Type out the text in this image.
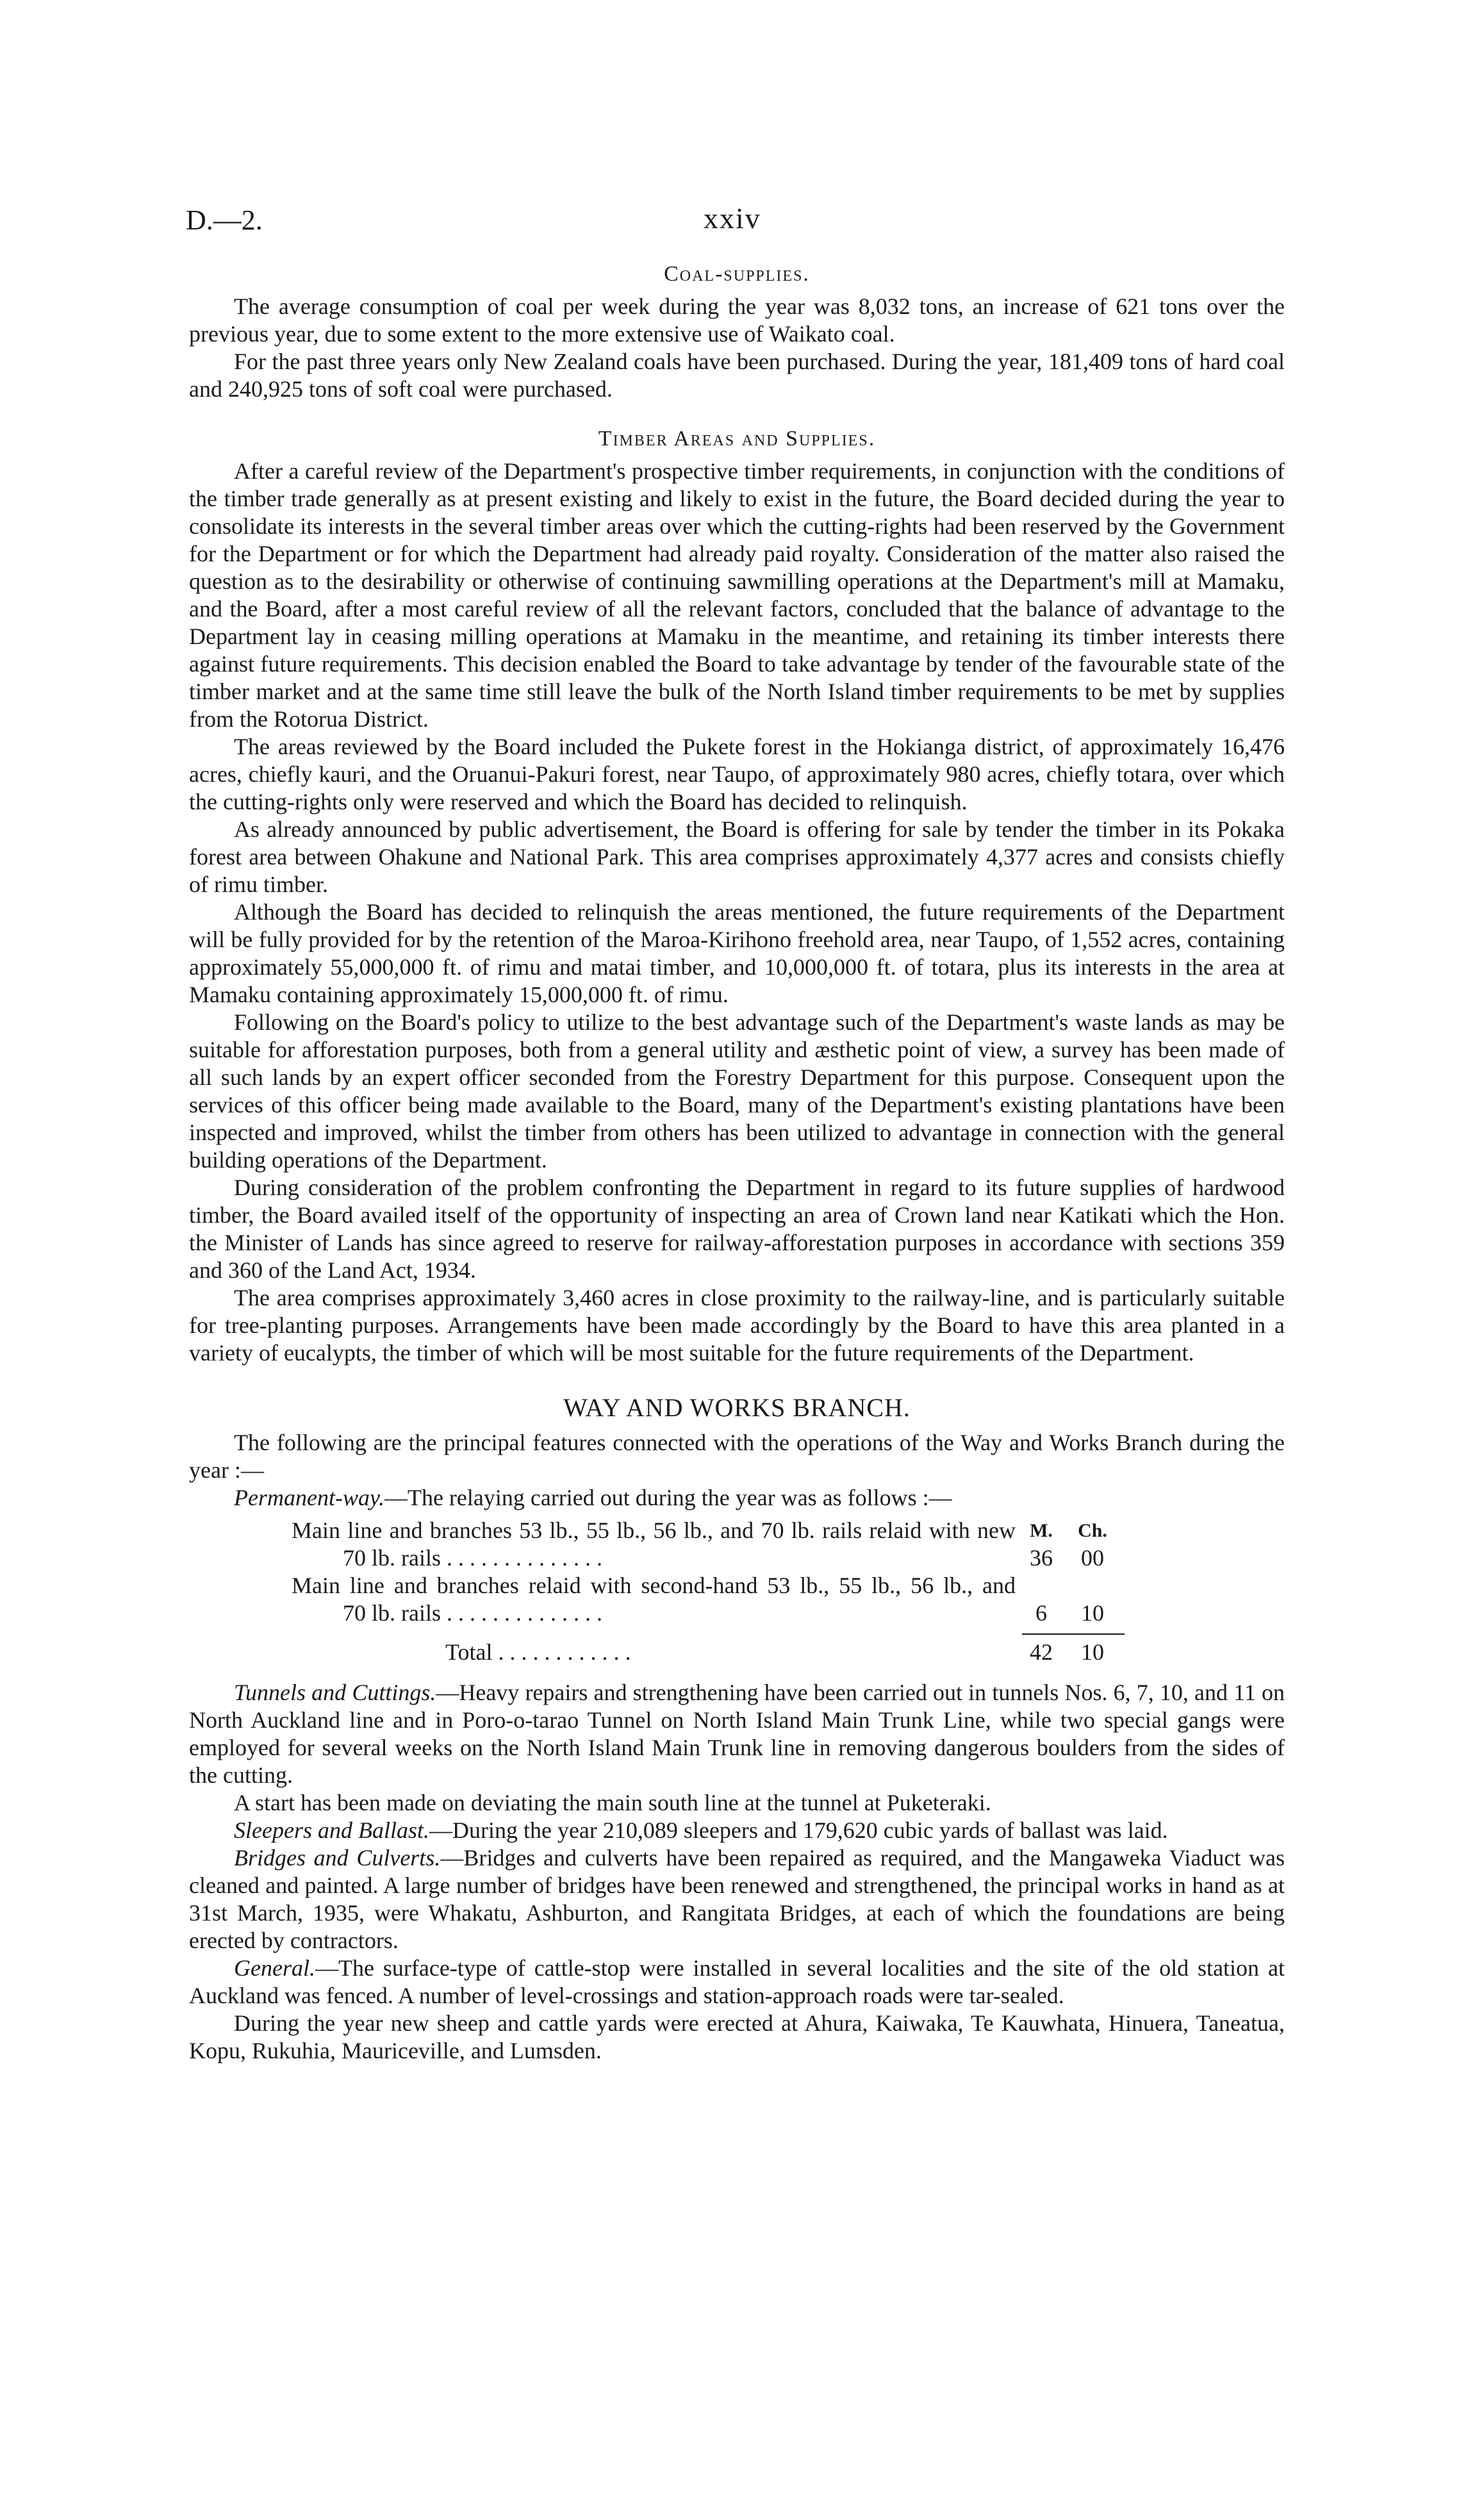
D.—2.	xxiv
Coal-supplies.

The average consumption of coal per week during the year was 8,032 tons, an increase of 621 tons over the previous year, due to some extent to the more extensive use of Waikato coal.

For the past three years only New Zealand coals have been purchased. During the year, 181,409 tons of hard coal and 240,925 tons of soft coal were purchased.

Timber Areas and Supplies.

After a careful review of the Department's prospective timber requirements, in conjunction with the conditions of the timber trade generally as at present existing and likely to exist in the future, the Board decided during the year to consolidate its interests in the several timber areas over which the cutting-rights had been reserved by the Government for the Department or for which the Department had already paid royalty. Consideration of the matter also raised the question as to the desirability or otherwise of continuing sawmilling operations at the Department's mill at Mamaku, and the Board, after a most careful review of all the relevant factors, concluded that the balance of advantage to the Department lay in ceasing milling operations at Mamaku in the meantime, and retaining its timber interests there against future requirements. This decision enabled the Board to take advantage by tender of the favourable state of the timber market and at the same time still leave the bulk of the North Island timber requirements to be met by supplies from the Rotorua District.

The areas reviewed by the Board included the Pukete forest in the Hokianga district, of approximately 16,476 acres, chiefly kauri, and the Oruanui-Pakuri forest, near Taupo, of approximately 980 acres, chiefly totara, over which the cutting-rights only were reserved and which the Board has decided to relinquish.

As already announced by public advertisement, the Board is offering for sale by tender the timber in its Pokaka forest area between Ohakune and National Park. This area comprises approximately 4,377 acres and consists chiefly of rimu timber.

Although the Board has decided to relinquish the areas mentioned, the future requirements of the Department will be fully provided for by the retention of the Maroa-Kirihono freehold area, near Taupo, of 1,552 acres, containing approximately 55,000,000 ft. of rimu and matai timber, and 10,000,000 ft. of totara, plus its interests in the area at Mamaku containing approximately 15,000,000 ft. of rimu.

Following on the Board's policy to utilize to the best advantage such of the Department's waste lands as may be suitable for afforestation purposes, both from a general utility and æsthetic point of view, a survey has been made of all such lands by an expert officer seconded from the Forestry Department for this purpose. Consequent upon the services of this officer being made available to the Board, many of the Department's existing plantations have been inspected and improved, whilst the timber from others has been utilized to advantage in connection with the general building operations of the Department.

During consideration of the problem confronting the Department in regard to its future supplies of hardwood timber, the Board availed itself of the opportunity of inspecting an area of Crown land near Katikati which the Hon. the Minister of Lands has since agreed to reserve for railway-afforestation purposes in accordance with sections 359 and 360 of the Land Act, 1934.

The area comprises approximately 3,460 acres in close proximity to the railway-line, and is particularly suitable for tree-planting purposes. Arrangements have been made accordingly by the Board to have this area planted in a variety of eucalypts, the timber of which will be most suitable for the future requirements of the Department.

WAY AND WORKS BRANCH.

The following are the principal features connected with the operations of the Way and Works Branch during the year :—

Permanent-way.—The relaying carried out during the year was as follows :—

Main line and branches 53 lb., 55 lb., 56 lb., and 70 lb. rails relaid with new M.	Ch.
70 lb. rails . . . . . . . . . . . . . .	36	00
Main line and branches relaid with second-hand 53 lb., 55 lb., 56 lb., and
70 lb. rails . . . . . . . . . . . . . .	6	10
Total . . . . . . . . . . . .	42	10

Tunnels and Cuttings.—Heavy repairs and strengthening have been carried out in tunnels Nos. 6, 7, 10, and 11 on North Auckland line and in Poro-o-tarao Tunnel on North Island Main Trunk Line, while two special gangs were employed for several weeks on the North Island Main Trunk line in removing dangerous boulders from the sides of the cutting.

A start has been made on deviating the main south line at the tunnel at Puketeraki.

Sleepers and Ballast.—During the year 210,089 sleepers and 179,620 cubic yards of ballast was laid.

Bridges and Culverts.—Bridges and culverts have been repaired as required, and the Mangaweka Viaduct was cleaned and painted. A large number of bridges have been renewed and strengthened, the principal works in hand as at 31st March, 1935, were Whakatu, Ashburton, and Rangitata Bridges, at each of which the foundations are being erected by contractors.

General.—The surface-type of cattle-stop were installed in several localities and the site of the old station at Auckland was fenced. A number of level-crossings and station-approach roads were tar-sealed.

During the year new sheep and cattle yards were erected at Ahura, Kaiwaka, Te Kauwhata, Hinuera, Taneatua, Kopu, Rukuhia, Mauriceville, and Lumsden.
